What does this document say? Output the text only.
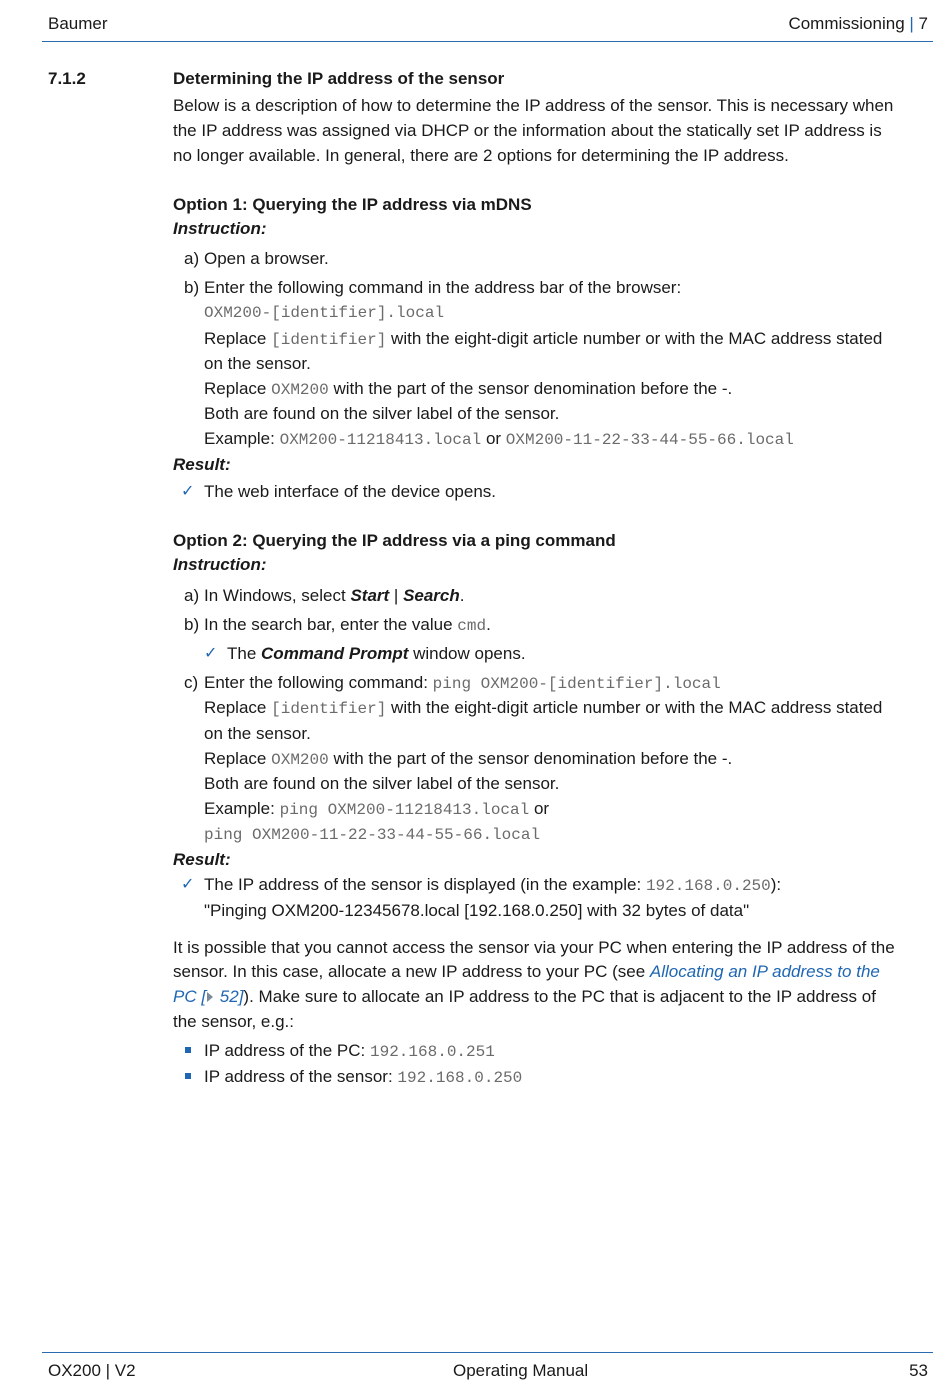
Baumer	Commissioning | 7
7.1.2	Determining the IP address of the sensor
Below is a description of how to determine the IP address of the sensor. This is necessary when
the IP address was assigned via DHCP or the information about the statically set IP address is
no longer available. In general, there are 2 options for determining the IP address.
Option 1: Querying the IP address via mDNS
Instruction:
a) Open a browser.
b) Enter the following command in the address bar of the browser:
OXM200-[identifier].local
Replace [identifier] with the eight-digit article number or with the MAC address stated
on the sensor.
Replace OXM200 with the part of the sensor denomination before the -.
Both are found on the silver label of the sensor.
Example: OXM200-11218413.local or OXM200-11-22-33-44-55-66.local
Result:
✓ The web interface of the device opens.
Option 2: Querying the IP address via a ping command
Instruction:
a) In Windows, select Start | Search.
b) In the search bar, enter the value cmd.
✓ The Command Prompt window opens.
c) Enter the following command: ping OXM200-[identifier].local
Replace [identifier] with the eight-digit article number or with the MAC address stated
on the sensor.
Replace OXM200 with the part of the sensor denomination before the -.
Both are found on the silver label of the sensor.
Example: ping OXM200-11218413.local or
ping OXM200-11-22-33-44-55-66.local
Result:
✓ The IP address of the sensor is displayed (in the example: 192.168.0.250):
"Pinging OXM200-12345678.local [192.168.0.250] with 32 bytes of data"
It is possible that you cannot access the sensor via your PC when entering the IP address of the
sensor. In this case, allocate a new IP address to your PC (see Allocating an IP address to the
PC [ 52]). Make sure to allocate an IP address to the PC that is adjacent to the IP address of
the sensor, e.g.:
IP address of the PC: 192.168.0.251
IP address of the sensor: 192.168.0.250
OX200 | V2	Operating Manual	53
